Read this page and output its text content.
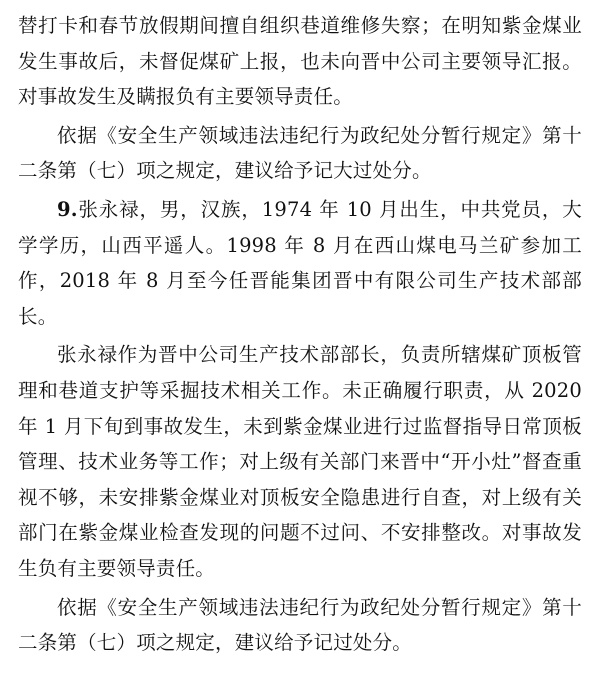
替打卡和春节放假期间擅自组织巷道维修失察；在明知紫金煤业发生事故后，未督促煤矿上报，也未向晋中公司主要领导汇报。对事故发生及瞒报负有主要领导责任。

依据《安全生产领域违法违纪行为政纪处分暂行规定》第十二条第（七）项之规定，建议给予记大过处分。

9.张永禄，男，汉族，1974 年 10 月出生，中共党员，大学学历，山西平遥人。1998 年 8 月在西山煤电马兰矿参加工作，2018 年 8 月至今任晋能集团晋中有限公司生产技术部部长。

张永禄作为晋中公司生产技术部部长，负责所辖煤矿顶板管理和巷道支护等采掘技术相关工作。未正确履行职责，从 2020 年 1 月下旬到事故发生，未到紫金煤业进行过监督指导日常顶板管理、技术业务等工作；对上级有关部门来晋中“开小灶”督查重视不够，未安排紫金煤业对顶板安全隐患进行自查，对上级有关部门在紫金煤业检查发现的问题不过问、不安排整改。对事故发生负有主要领导责任。

依据《安全生产领域违法违纪行为政纪处分暂行规定》第十二条第（七）项之规定，建议给予记过处分。
